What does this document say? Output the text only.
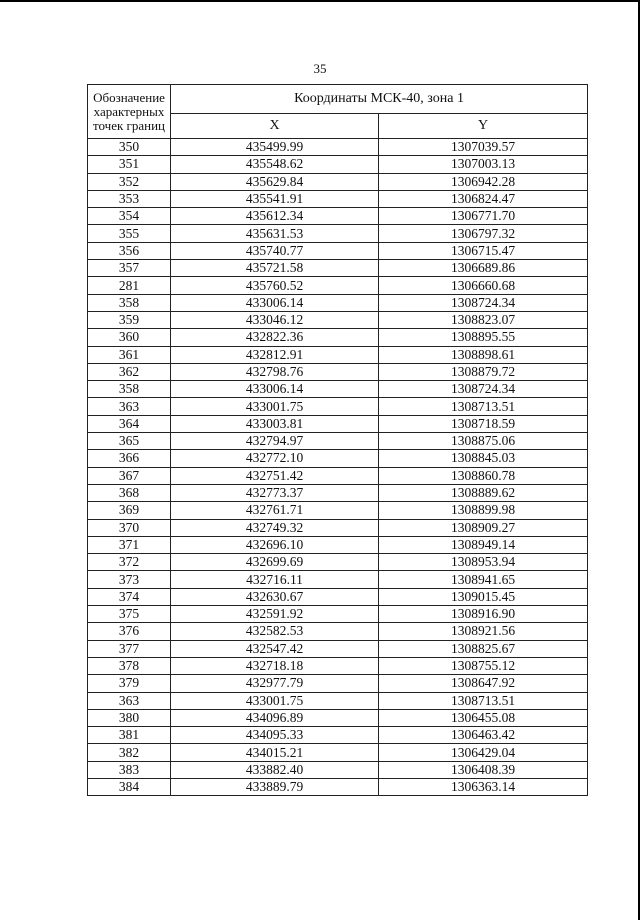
35
Обозначение характерных точек границ	Координаты МСК-40, зона 1	
	X	Y
350	435499.99	1307039.57
351	435548.62	1307003.13
352	435629.84	1306942.28
353	435541.91	1306824.47
354	435612.34	1306771.70
355	435631.53	1306797.32
356	435740.77	1306715.47
357	435721.58	1306689.86
281	435760.52	1306660.68
358	433006.14	1308724.34
359	433046.12	1308823.07
360	432822.36	1308895.55
361	432812.91	1308898.61
362	432798.76	1308879.72
358	433006.14	1308724.34
363	433001.75	1308713.51
364	433003.81	1308718.59
365	432794.97	1308875.06
366	432772.10	1308845.03
367	432751.42	1308860.78
368	432773.37	1308889.62
369	432761.71	1308899.98
370	432749.32	1308909.27
371	432696.10	1308949.14
372	432699.69	1308953.94
373	432716.11	1308941.65
374	432630.67	1309015.45
375	432591.92	1308916.90
376	432582.53	1308921.56
377	432547.42	1308825.67
378	432718.18	1308755.12
379	432977.79	1308647.92
363	433001.75	1308713.51
380	434096.89	1306455.08
381	434095.33	1306463.42
382	434015.21	1306429.04
383	433882.40	1306408.39
384	433889.79	1306363.14
